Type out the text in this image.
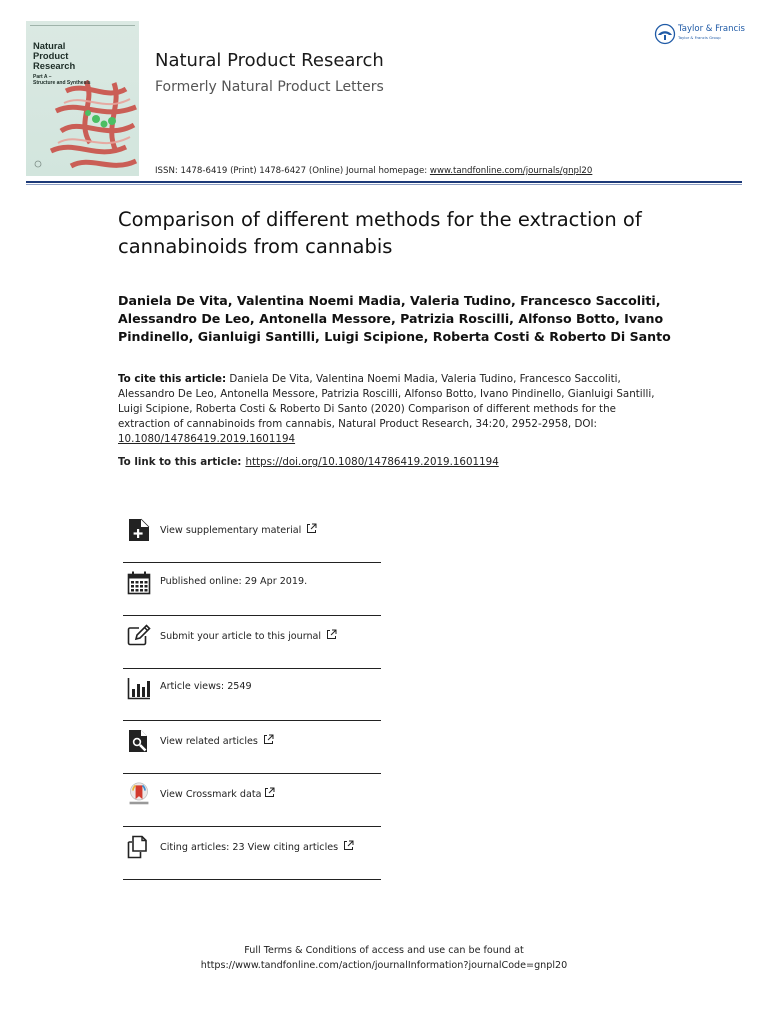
Natural
Product
Research
Part A –
Structure and Synthesis
Natural Product Research
Formerly Natural Product Letters
ISSN: 1478-6419 (Print) 1478-6427 (Online) Journal homepage: www.tandfonline.com/journals/gnpl20
Taylor & Francis
Taylor & Francis Group
Comparison of different methods for the extraction of cannabinoids from cannabis
Daniela De Vita, Valentina Noemi Madia, Valeria Tudino, Francesco Saccoliti, Alessandro De Leo, Antonella Messore, Patrizia Roscilli, Alfonso Botto, Ivano Pindinello, Gianluigi Santilli, Luigi Scipione, Roberta Costi & Roberto Di Santo
To cite this article: Daniela De Vita, Valentina Noemi Madia, Valeria Tudino, Francesco Saccoliti, Alessandro De Leo, Antonella Messore, Patrizia Roscilli, Alfonso Botto, Ivano Pindinello, Gianluigi Santilli, Luigi Scipione, Roberta Costi & Roberto Di Santo (2020) Comparison of different methods for the extraction of cannabinoids from cannabis, Natural Product Research, 34:20, 2952-2958, DOI: 10.1080/14786419.2019.1601194
To link to this article: https://doi.org/10.1080/14786419.2019.1601194
View supplementary material
Published online: 29 Apr 2019.
Submit your article to this journal
Article views: 2549
View related articles
View Crossmark data
Citing articles: 23 View citing articles
Full Terms & Conditions of access and use can be found at
https://www.tandfonline.com/action/journalInformation?journalCode=gnpl20
